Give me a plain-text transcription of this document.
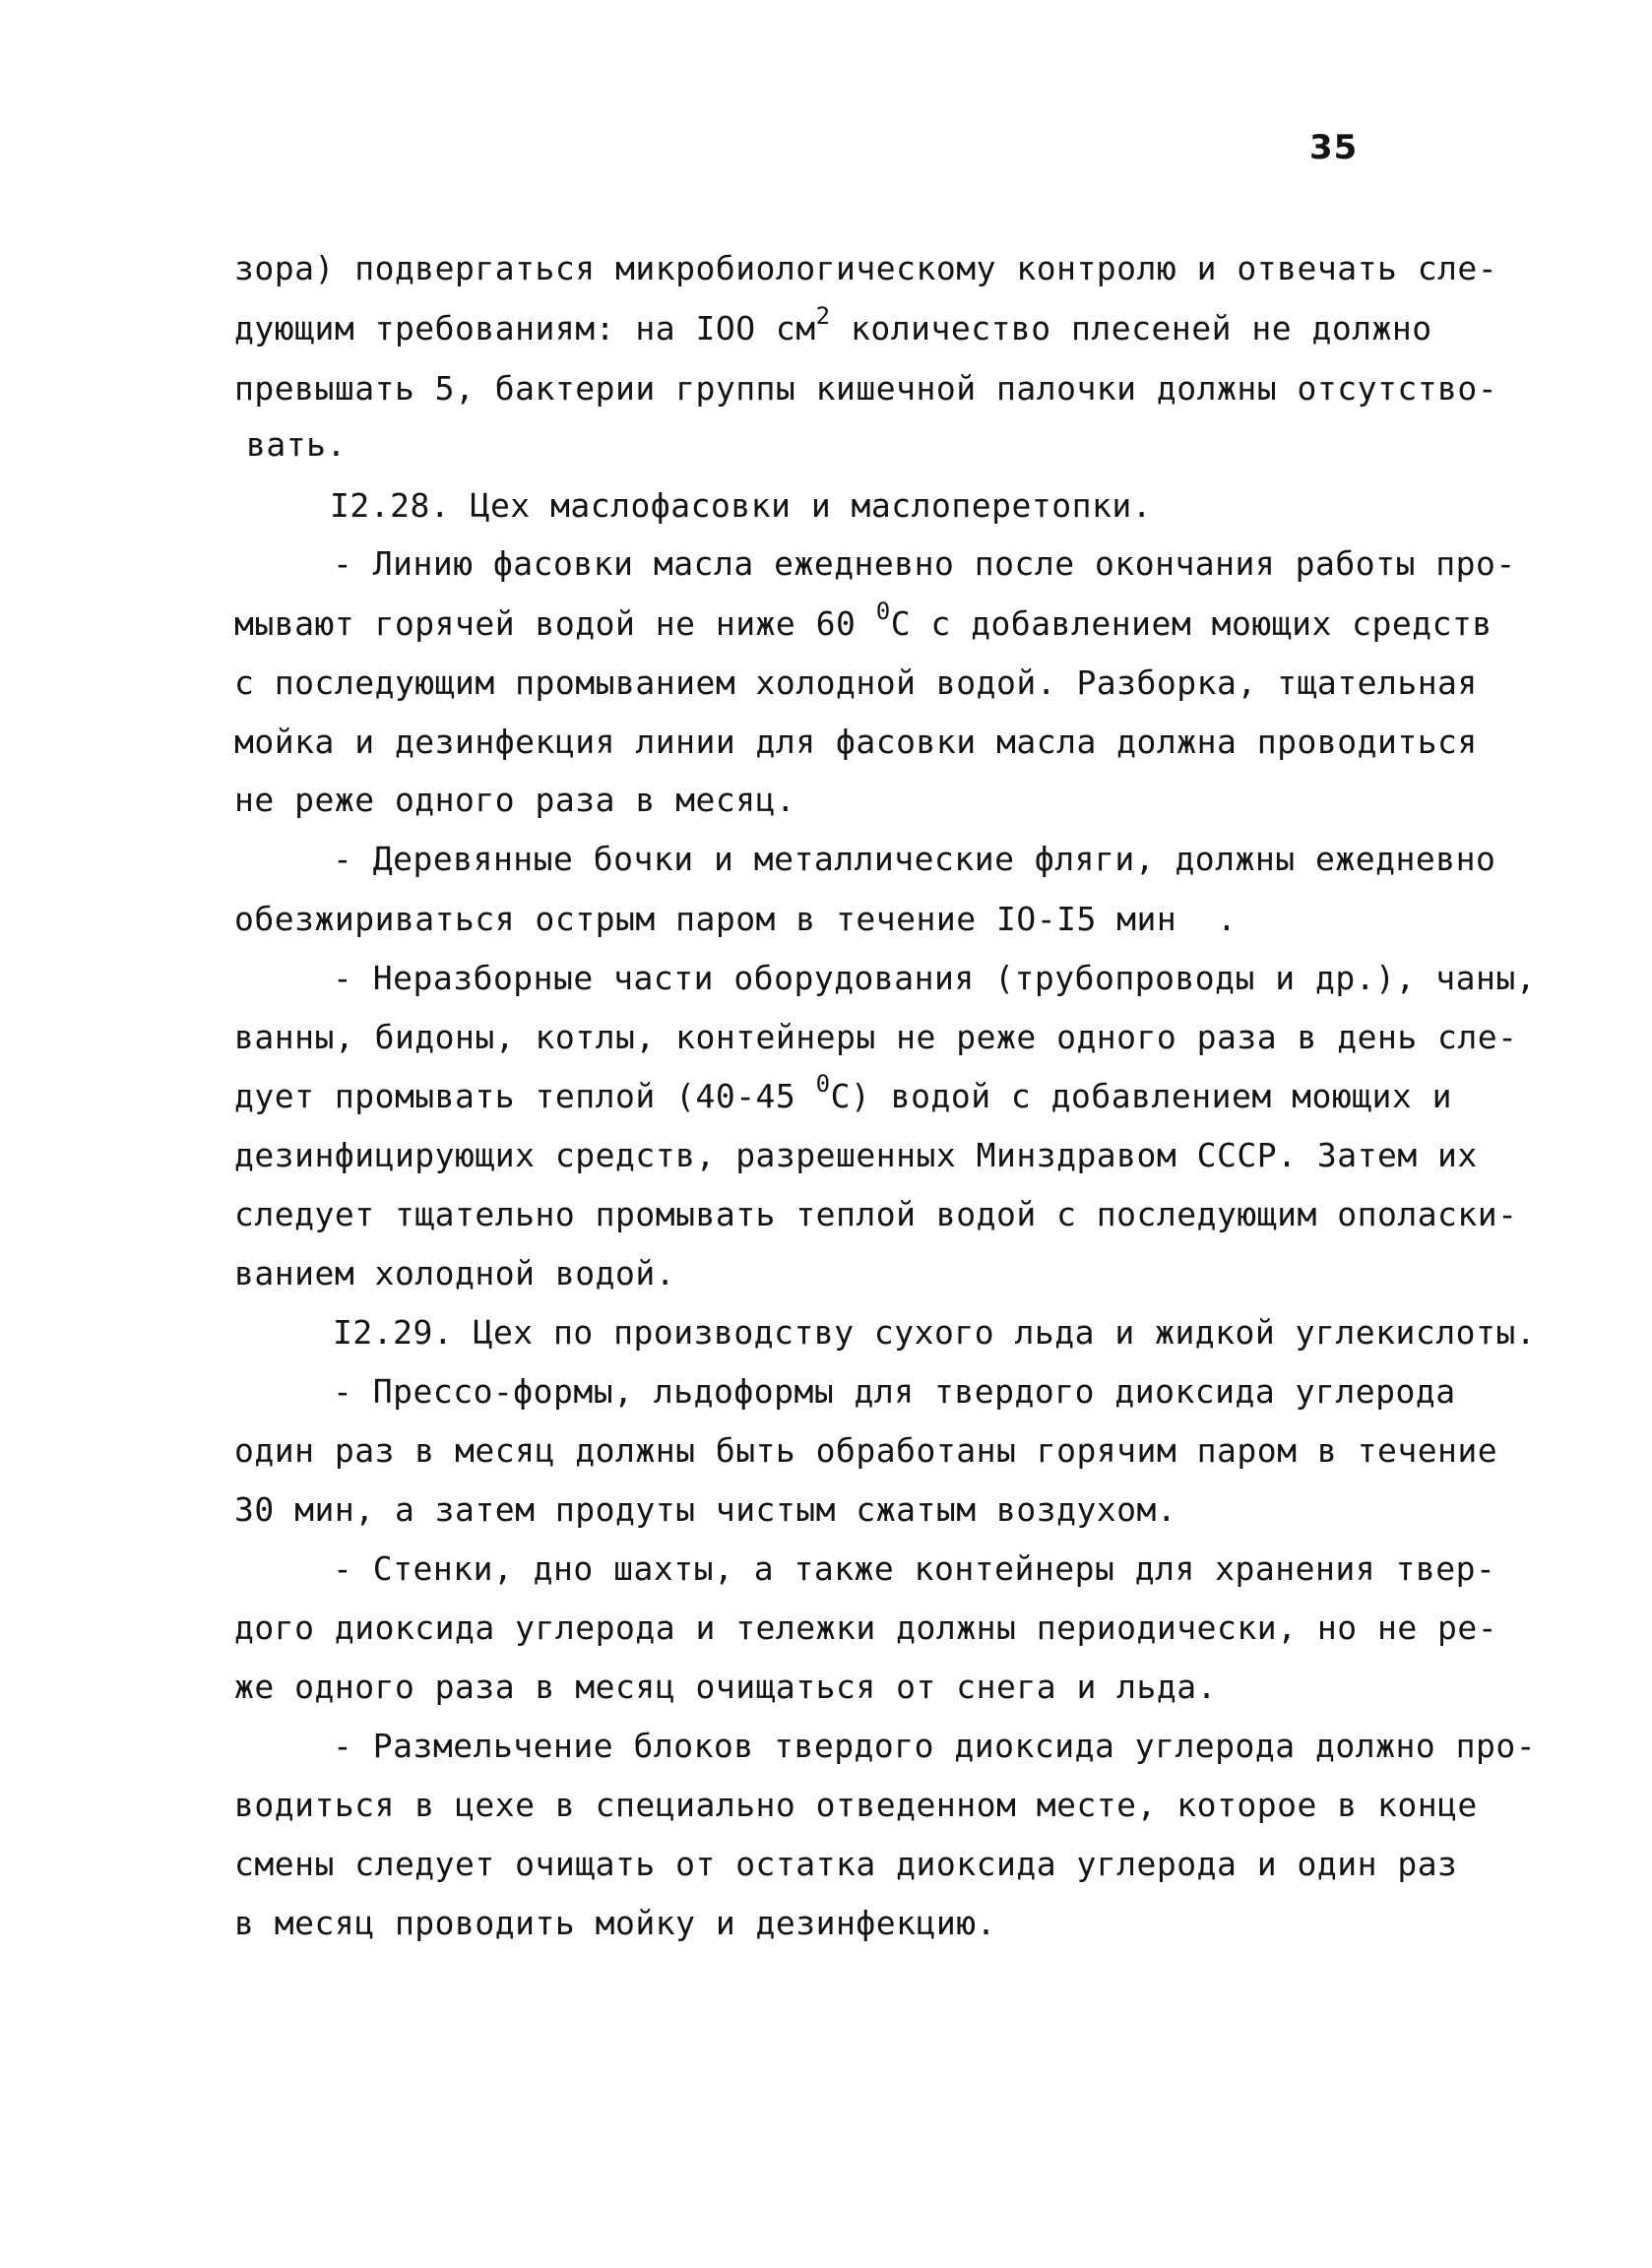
35
зора) подвергаться микробиологическому контролю и отвечать сле-
дующим требованиям: на IOO $см^2$ количество плесеней не должно
превышать 5, бактерии группы кишечной палочки должны отсутство-
вать.
I2.28. Цех маслофасовки и маслоперетопки.
- Линию фасовки масла ежедневно после окончания работы про-
мывают горячей водой не ниже 60 $^0$С с добавлением моющих средств
с последующим промыванием холодной водой. Разборка, тщательная
мойка и дезинфекция линии для фасовки масла должна проводиться
не реже одного раза в месяц.
- Деревянные бочки и металлические фляги, должны ежедневно
обезжириваться острым паром в течение IO-I5 мин  .
- Неразборные части оборудования (трубопроводы и др.), чаны,
ванны, бидоны, котлы, контейнеры не реже одного раза в день сле-
дует промывать теплой (40-45 $^0$С) водой с добавлением моющих и
дезинфицирующих средств, разрешенных Минздравом СССР. Затем их
следует тщательно промывать теплой водой с последующим ополаски-
ванием холодной водой.
I2.29. Цех по производству сухого льда и жидкой углекислоты.
- Прессо-формы, льдоформы для твердого диоксида углерода
один раз в месяц должны быть обработаны горячим паром в течение
30 мин, а затем продуты чистым сжатым воздухом.
- Стенки, дно шахты, а также контейнеры для хранения твер-
дого диоксида углерода и тележки должны периодически, но не ре-
же одного раза в месяц очищаться от снега и льда.
- Размельчение блоков твердого диоксида углерода должно про-
водиться в цехе в специально отведенном месте, которое в конце
смены следует очищать от остатка диоксида углерода и один раз
в месяц проводить мойку и дезинфекцию.
